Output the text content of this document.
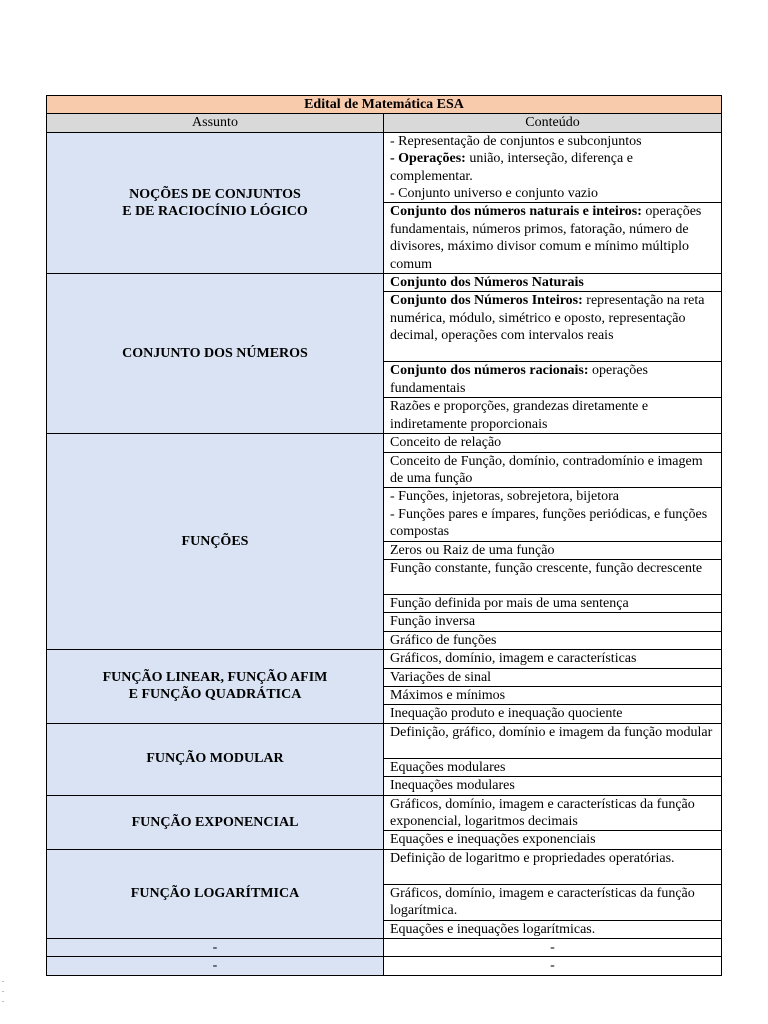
Edital de Matemática ESA	
Assunto	Conteúdo

NOÇÕES DE CONJUNTOS
E DE RACIOCÍNIO LÓGICO	- Representação de conjuntos e subconjuntos
- Operações: união, interseção, diferença e complementar.
- Conjunto universo e conjunto vazio

	Conjunto dos números naturais e inteiros: operações fundamentais, números primos, fatoração, número de divisores, máximo divisor comum e mínimo múltiplo comum
CONJUNTO DOS NÚMEROS	Conjunto dos Números Naturais
	Conjunto dos Números Inteiros: representação na reta numérica, módulo, simétrico e oposto, representação decimal, operações com intervalos reais
	Conjunto dos números racionais: operações fundamentais
	Razões e proporções, grandezas diretamente e indiretamente proporcionais
FUNÇÕES	Conceito de relação
	Conceito de Função, domínio, contradomínio e imagem de uma função

	- Funções, injetoras, sobrejetora, bijetora
- Funções pares e ímpares, funções periódicas, e funções compostas

	Zeros ou Raiz de uma função
	Função constante, função crescente, função decrescente
	Função definida por mais de uma sentença
	Função inversa
	Gráfico de funções

FUNÇÃO LINEAR, FUNÇÃO AFIM
E FUNÇÃO QUADRÁTICA	Gráficos, domínio, imagem e características
	Variações de sinal
	Máximos e mínimos
	Inequação produto e inequação quociente
FUNÇÃO MODULAR	Definição, gráfico, domínio e imagem da função modular
	Equações modulares
	Inequações modulares
FUNÇÃO EXPONENCIAL	Gráficos, domínio, imagem e características da função exponencial, logaritmos decimais
	Equações e inequações exponenciais
FUNÇÃO LOGARÍTMICA	Definição de logaritmo e propriedades operatórias.
	Gráficos, domínio, imagem e características da função logarítmica.
	Equações e inequações logarítmicas.
-	-
-	-
.
.
.
